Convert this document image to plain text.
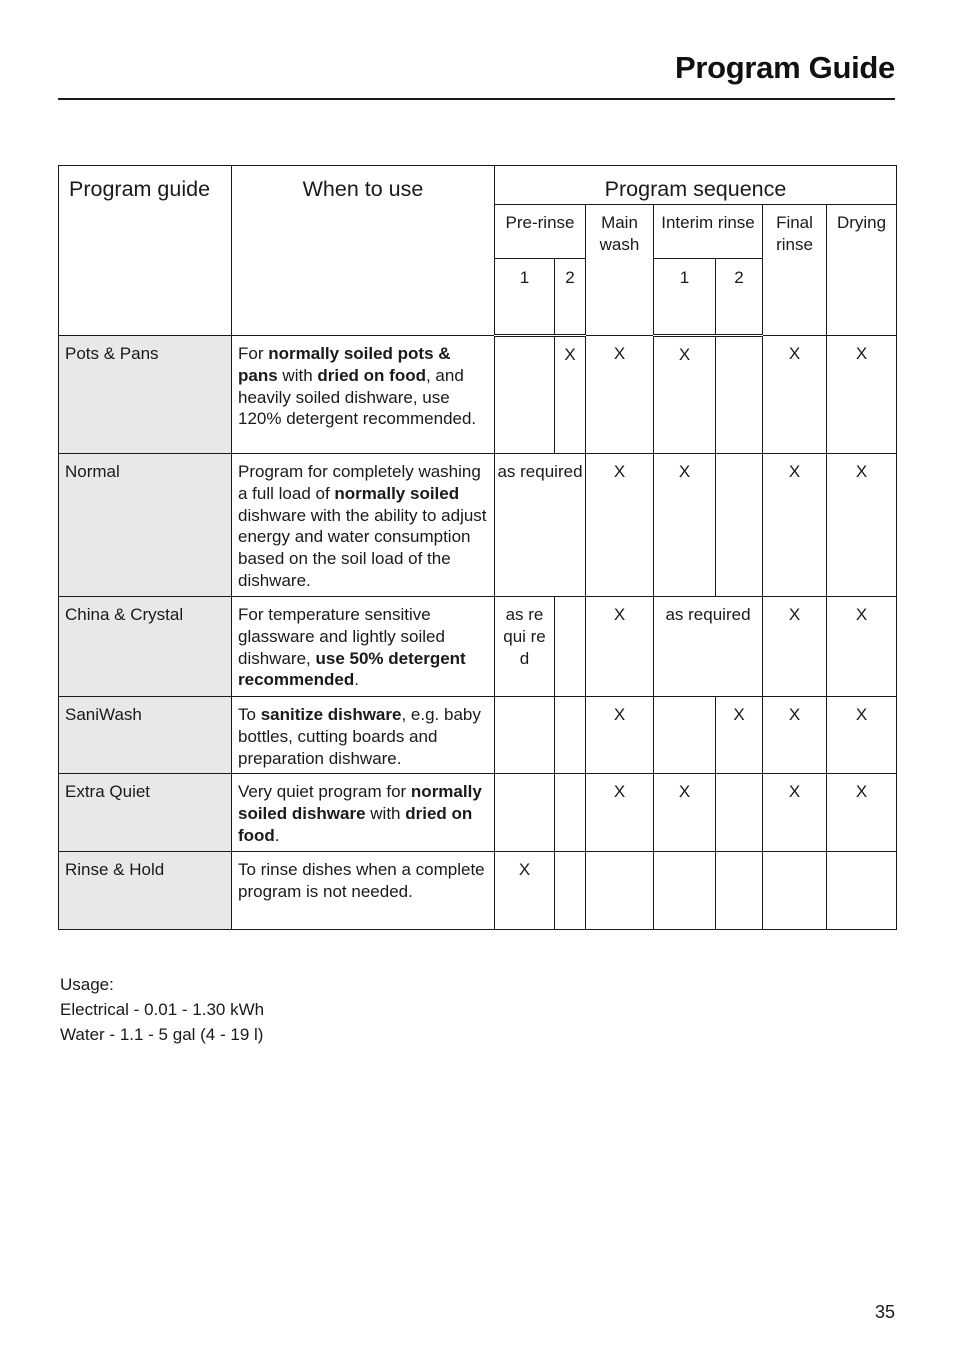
Program Guide
Program guide	When to use	Program sequence						
		Pre-rinse		Main wash	Interim rinse		Final rinse	Drying
		1	2		1	2		
Pots & Pans	For normally soiled pots & pans with dried on food, and heavily soiled dishware, use 120% detergent recommended.		X	X	X		X	X
Normal	Program for completely washing a full load of normally soiled dishware with the ability to adjust energy and water consumption based on the soil load of the dishware.	as required		X	X		X	X
China & Crystal	For temperature sensitive glassware and lightly soiled dishware, use 50% detergent recommended.	as requi red		X	as required		X	X
SaniWash	To sanitize dishware, e.g. baby bottles, cutting boards and preparation dishware.			X		X	X	X
Extra Quiet	Very quiet program for normally soiled dishware with dried on food.			X	X		X	X
Rinse & Hold	To rinse dishes when a complete program is not needed.	X						
Usage:
Electrical - 0.01 - 1.30 kWh
Water - 1.1 - 5 gal (4 - 19 l)
35
